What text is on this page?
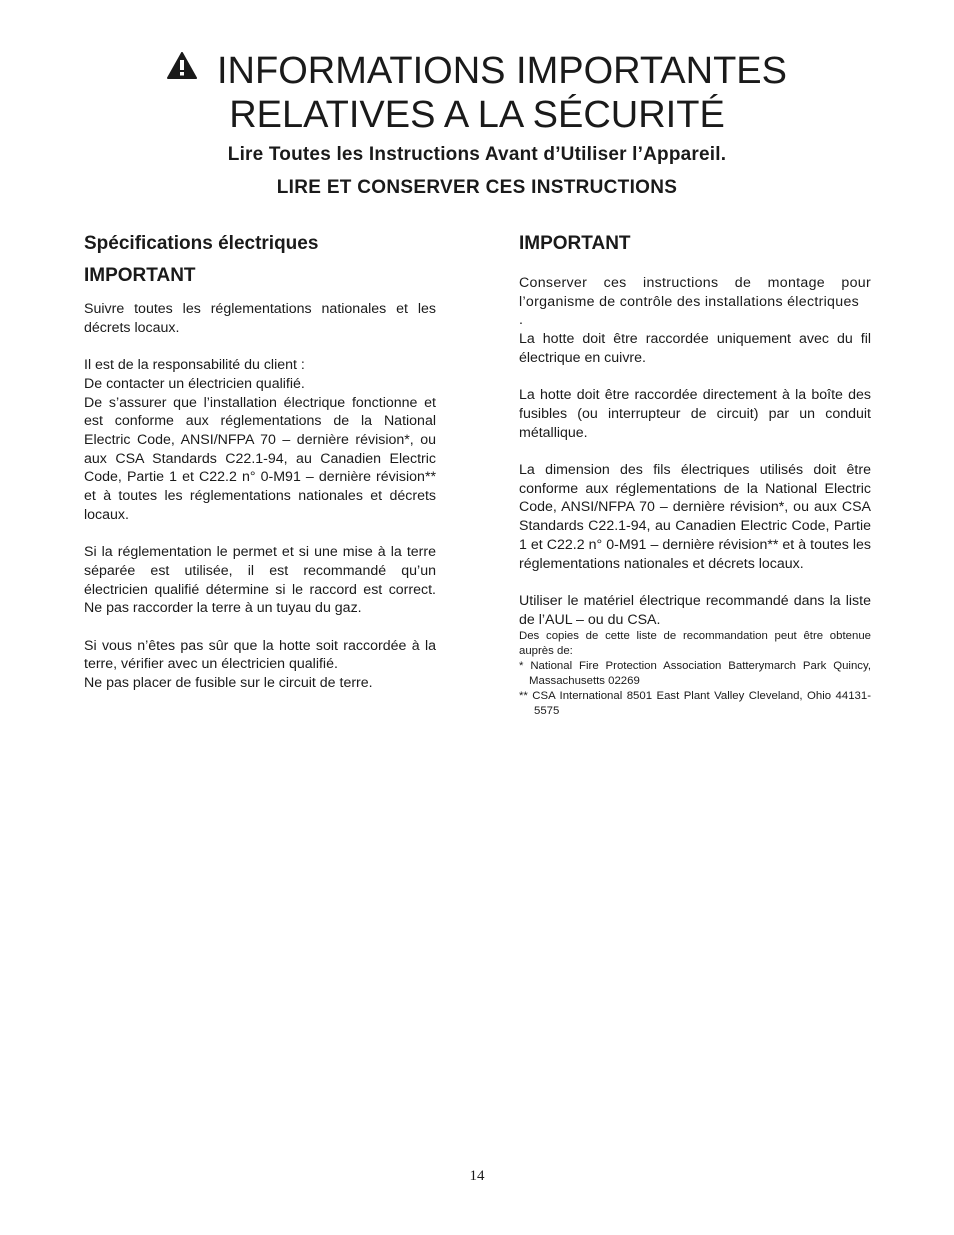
INFORMATIONS IMPORTANTES
RELATIVES A LA SÉCURITÉ
Lire Toutes les Instructions Avant d’Utiliser l’Appareil.
LIRE ET CONSERVER CES INSTRUCTIONS
Spécifications électriques
IMPORTANT

Suivre toutes les réglementations nationales et les décrets locaux.

Il est de la responsabilité du client :

De contacter un électricien qualifié.

De s’assurer que l’installation électrique fonctionne et est conforme aux réglementations de la National Electric Code, ANSI/NFPA 70 – dernière révision*, ou aux CSA Standards C22.1-94, au Canadien Electric Code, Partie 1 et C22.2 n° 0-M91 – dernière révision** et à toutes les réglementations nationales et décrets locaux.

Si la réglementation le permet et si une mise à la terre séparée est utilisée, il est recommandé qu’un électricien qualifié détermine si le raccord est correct. Ne pas raccorder la terre à un tuyau du gaz.

Si vous n’êtes pas sûr que la hotte soit raccordée à la terre, vérifier avec un électricien qualifié.

Ne pas placer de fusible sur le circuit de terre.

IMPORTANT

Conserver ces instructions de montage pour l’organisme de contrôle des installations électriques

.

La hotte doit être raccordée uniquement avec du fil électrique en cuivre.

La hotte doit être raccordée directement à la boîte des fusibles (ou interrupteur de circuit) par un conduit métallique.

La dimension des fils électriques utilisés doit être conforme aux réglementations de la National Electric Code, ANSI/NFPA 70 – dernière révision*, ou aux CSA Standards C22.1-94, au Canadien Electric Code, Partie 1 et C22.2 n° 0-M91 – dernière révision** et à toutes les réglementations nationales et décrets locaux.

Utiliser le matériel électrique recommandé dans la liste de l’AUL – ou du CSA.

Des copies de cette liste de recommandation peut être obtenue auprès de:

* National Fire Protection Association Batterymarch Park Quincy, Massachusetts 02269

** CSA International 8501 East Plant Valley Cleveland, Ohio 44131-5575

14
